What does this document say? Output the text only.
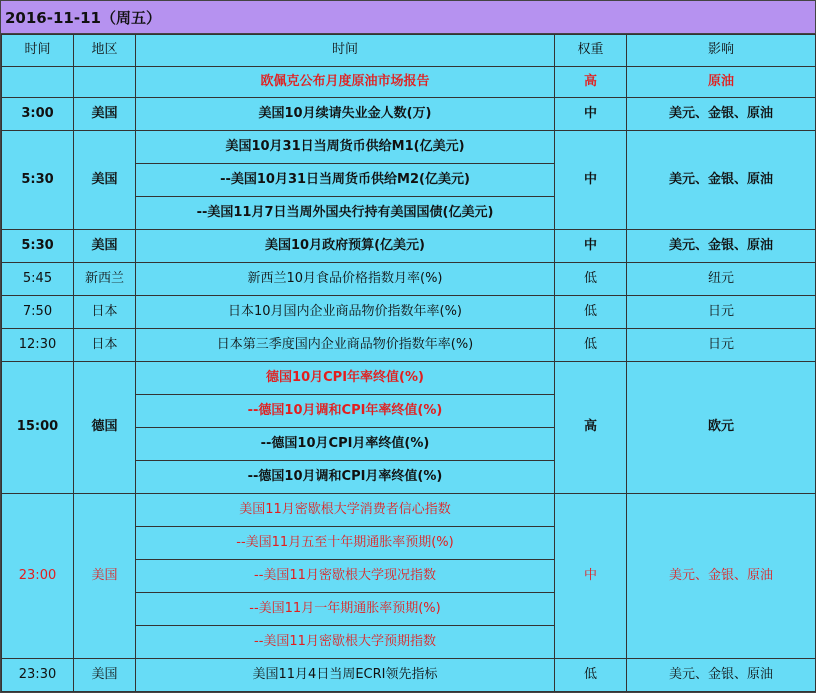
2016-11-11（周五）
时间	地区	时间	权重	影响
		欧佩克公布月度原油市场报告	高	原油
3:00	美国	美国10月续请失业金人数(万)	中	美元、金银、原油
5:30	美国	美国10月31日当周货币供给M1(亿美元)	中	美元、金银、原油
		--美国10月31日当周货币供给M2(亿美元)		
		--美国11月7日当周外国央行持有美国国债(亿美元)		
5:30	美国	美国10月政府预算(亿美元)	中	美元、金银、原油
5:45	新西兰	新西兰10月食品价格指数月率(%)	低	纽元
7:50	日本	日本10月国内企业商品物价指数年率(%)	低	日元
12:30	日本	日本第三季度国内企业商品物价指数年率(%)	低	日元
15:00	德国	德国10月CPI年率终值(%)	高	欧元
		--德国10月调和CPI年率终值(%)		
		--德国10月CPI月率终值(%)		
		--德国10月调和CPI月率终值(%)		
23:00	美国	美国11月密歇根大学消费者信心指数	中	美元、金银、原油
		--美国11月五至十年期通胀率预期(%)		
		--美国11月密歇根大学现况指数		
		--美国11月一年期通胀率预期(%)		
		--美国11月密歇根大学预期指数		
23:30	美国	美国11月4日当周ECRI领先指标	低	美元、金银、原油
